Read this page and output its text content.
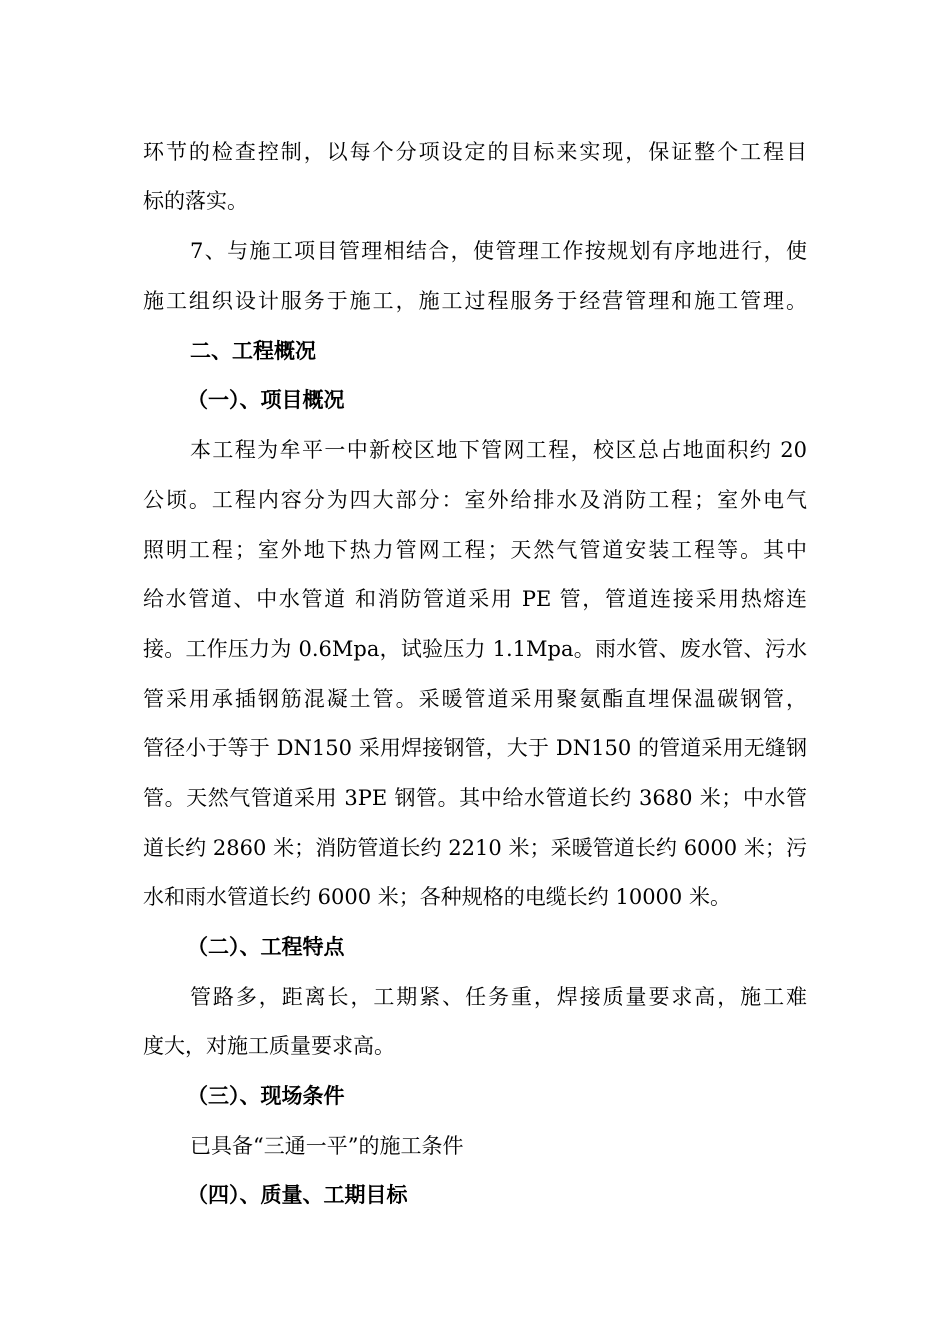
环节的检查控制，以每个分项设定的目标来实现，保证整个工程目
标的落实。
7、与施工项目管理相结合，使管理工作按规划有序地进行，使
施工组织设计服务于施工，施工过程服务于经营管理和施工管理。
二、工程概况
（一）、项目概况
本工程为牟平一中新校区地下管网工程，校区总占地面积约 20
公顷。工程内容分为四大部分：室外给排水及消防工程；室外电气
照明工程；室外地下热力管网工程；天然气管道安装工程等。其中
给水管道、中水管道 和消防管道采用 PE 管，管道连接采用热熔连
接。工作压力为 0.6Mpa，试验压力 1.1Mpa。雨水管、废水管、污水
管采用承插钢筋混凝土管。采暖管道采用聚氨酯直埋保温碳钢管，
管径小于等于 DN150 采用焊接钢管，大于 DN150 的管道采用无缝钢
管。天然气管道采用 3PE 钢管。其中给水管道长约 3680 米；中水管
道长约 2860 米；消防管道长约 2210 米；采暖管道长约 6000 米；污
水和雨水管道长约 6000 米；各种规格的电缆长约 10000 米。
（二）、工程特点
管路多，距离长，工期紧、任务重，焊接质量要求高，施工难
度大，对施工质量要求高。
（三）、现场条件
已具备“三通一平”的施工条件
（四）、质量、工期目标
